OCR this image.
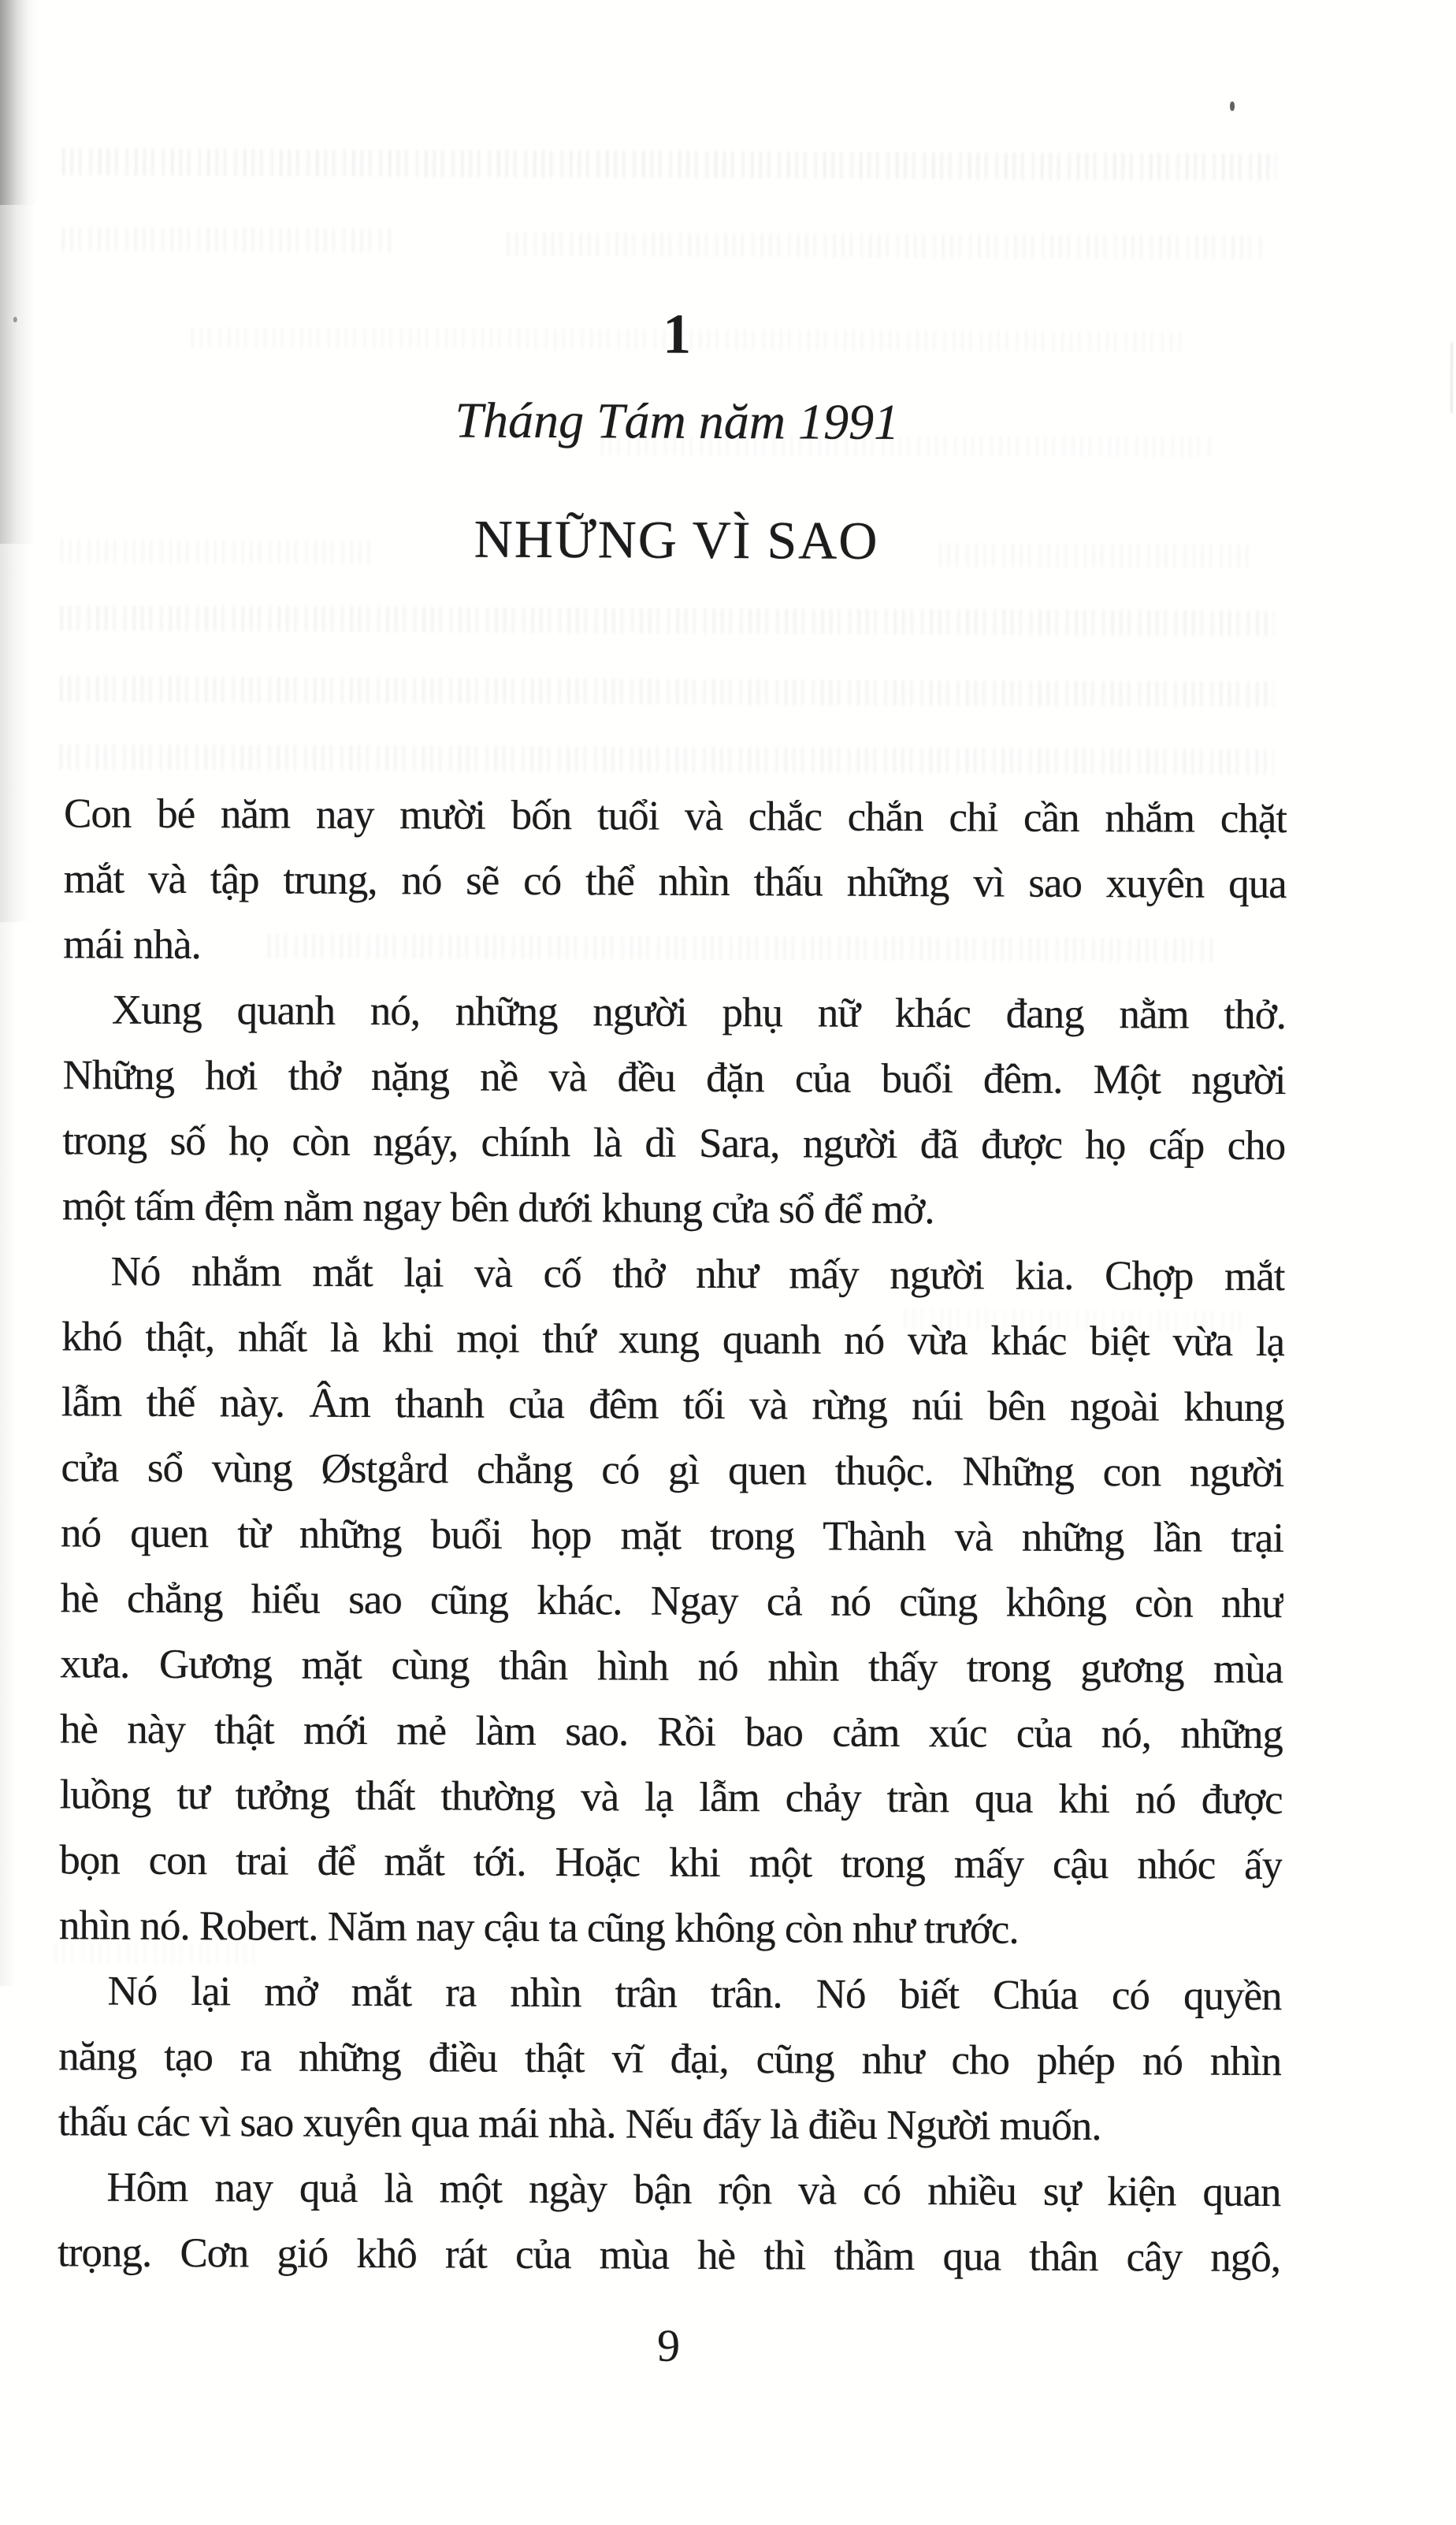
1
Tháng Tám năm 1991
NHỮNG VÌ SAO
Con bé năm nay mười bốn tuổi và chắc chắn chỉ cần nhắm chặt
mắt và tập trung, nó sẽ có thể nhìn thấu những vì sao xuyên qua
mái nhà.
Xung quanh nó, những người phụ nữ khác đang nằm thở.
Những hơi thở nặng nề và đều đặn của buổi đêm. Một người
trong số họ còn ngáy, chính là dì Sara, người đã được họ cấp cho
một tấm đệm nằm ngay bên dưới khung cửa sổ để mở.
Nó nhắm mắt lại và cố thở như mấy người kia. Chợp mắt
khó thật, nhất là khi mọi thứ xung quanh nó vừa khác biệt vừa lạ
lẫm thế này. Âm thanh của đêm tối và rừng núi bên ngoài khung
cửa sổ vùng Østgård chẳng có gì quen thuộc. Những con người
nó quen từ những buổi họp mặt trong Thành và những lần trại
hè chẳng hiểu sao cũng khác. Ngay cả nó cũng không còn như
xưa. Gương mặt cùng thân hình nó nhìn thấy trong gương mùa
hè này thật mới mẻ làm sao. Rồi bao cảm xúc của nó, những
luồng tư tưởng thất thường và lạ lẫm chảy tràn qua khi nó được
bọn con trai để mắt tới. Hoặc khi một trong mấy cậu nhóc ấy
nhìn nó. Robert. Năm nay cậu ta cũng không còn như trước.
Nó lại mở mắt ra nhìn trân trân. Nó biết Chúa có quyền
năng tạo ra những điều thật vĩ đại, cũng như cho phép nó nhìn
thấu các vì sao xuyên qua mái nhà. Nếu đấy là điều Người muốn.
Hôm nay quả là một ngày bận rộn và có nhiều sự kiện quan
trọng. Cơn gió khô rát của mùa hè thì thầm qua thân cây ngô,
9
